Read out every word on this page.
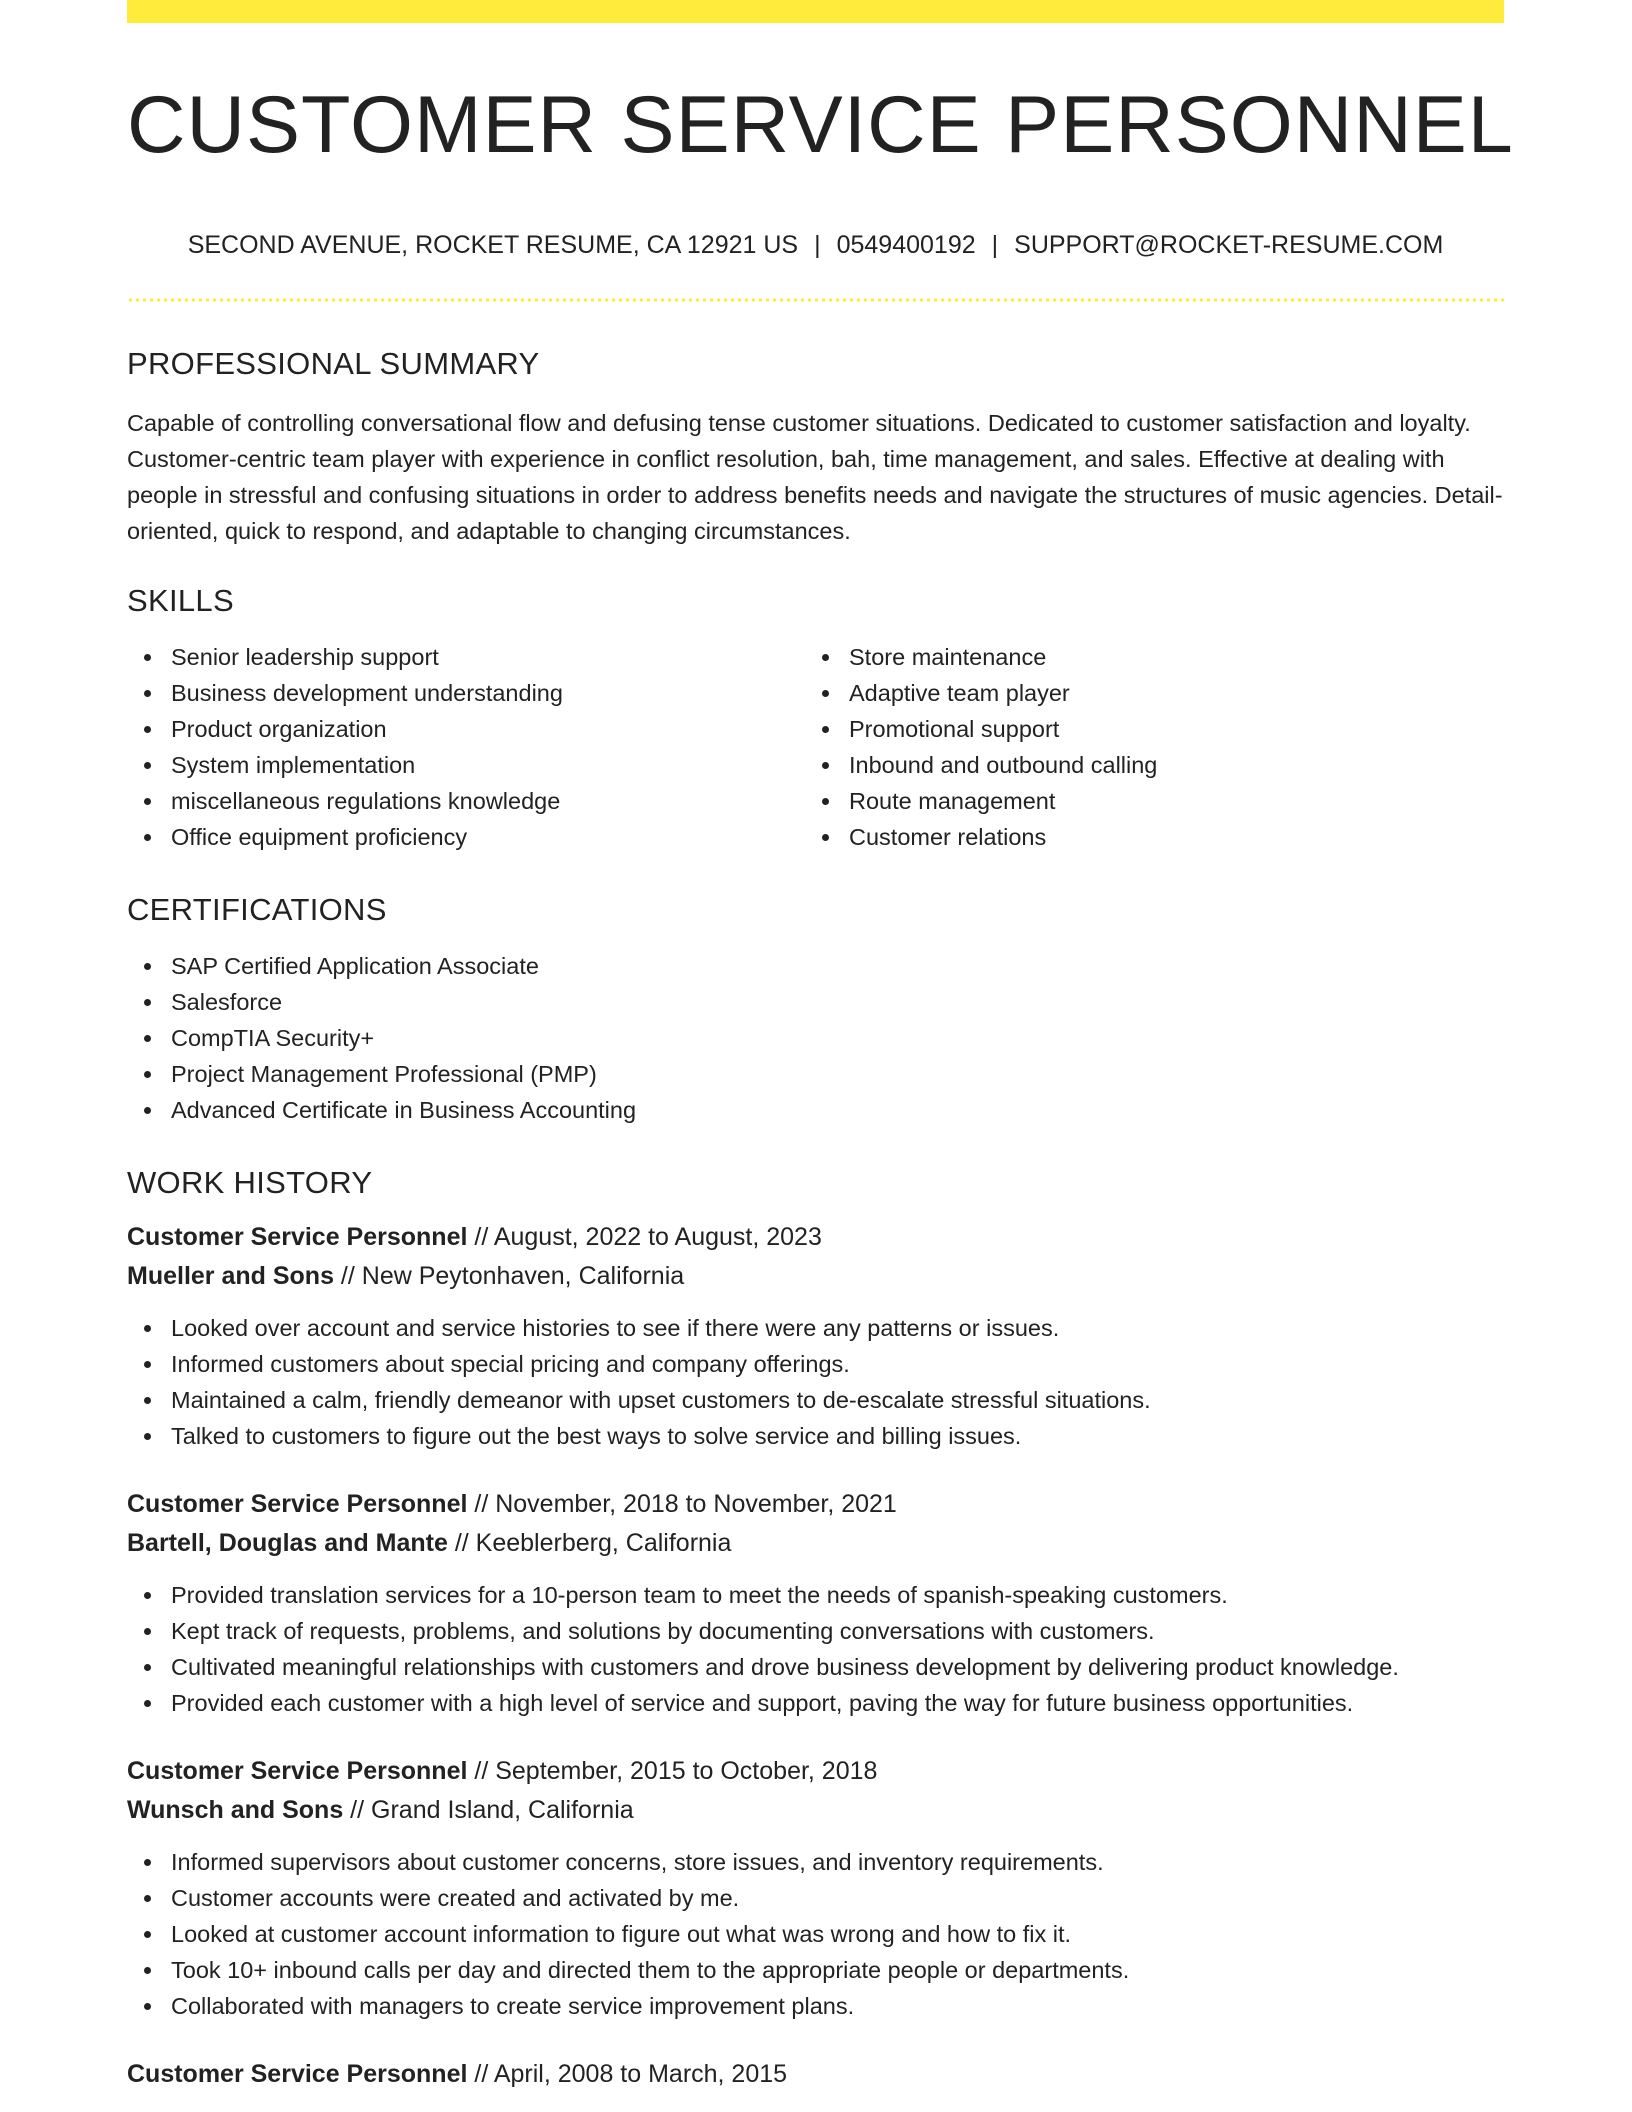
CUSTOMER SERVICE PERSONNEL
SECOND AVENUE, ROCKET RESUME, CA 12921 US | 0549400192 | SUPPORT@ROCKET-RESUME.COM
PROFESSIONAL SUMMARY

Capable of controlling conversational flow and defusing tense customer situations. Dedicated to customer satisfaction and loyalty. Customer-centric team player with experience in conflict resolution, bah, time management, and sales. Effective at dealing with people in stressful and confusing situations in order to address benefits needs and navigate the structures of music agencies. Detail-oriented, quick to respond, and adaptable to changing circumstances.

SKILLS
Senior leadership support
Business development understanding
Product organization
System implementation
miscellaneous regulations knowledge
Office equipment proficiency
Store maintenance
Adaptive team player
Promotional support
Inbound and outbound calling
Route management
Customer relations
CERTIFICATIONS
SAP Certified Application Associate
Salesforce
CompTIA Security+
Project Management Professional (PMP)
Advanced Certificate in Business Accounting
WORK HISTORY
Customer Service Personnel // August, 2022 to August, 2023
Mueller and Sons // New Peytonhaven, California
Looked over account and service histories to see if there were any patterns or issues.
Informed customers about special pricing and company offerings.
Maintained a calm, friendly demeanor with upset customers to de-escalate stressful situations.
Talked to customers to figure out the best ways to solve service and billing issues.
Customer Service Personnel // November, 2018 to November, 2021
Bartell, Douglas and Mante // Keeblerberg, California
Provided translation services for a 10-person team to meet the needs of spanish-speaking customers.
Kept track of requests, problems, and solutions by documenting conversations with customers.
Cultivated meaningful relationships with customers and drove business development by delivering product knowledge.
Provided each customer with a high level of service and support, paving the way for future business opportunities.
Customer Service Personnel // September, 2015 to October, 2018
Wunsch and Sons // Grand Island, California
Informed supervisors about customer concerns, store issues, and inventory requirements.
Customer accounts were created and activated by me.
Looked at customer account information to figure out what was wrong and how to fix it.
Took 10+ inbound calls per day and directed them to the appropriate people or departments.
Collaborated with managers to create service improvement plans.
Customer Service Personnel // April, 2008 to March, 2015
